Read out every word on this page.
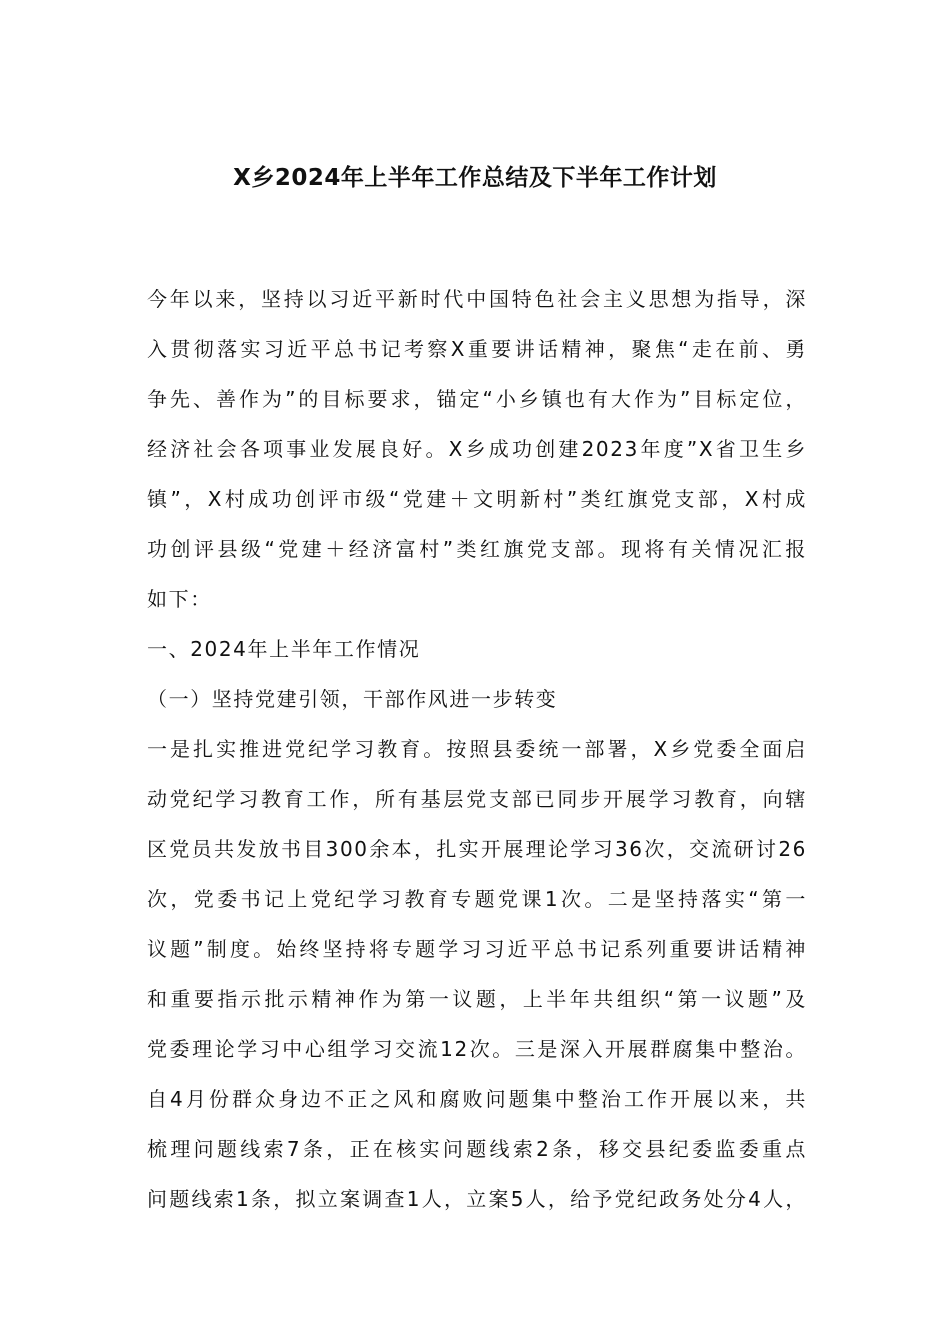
X乡2024年上半年工作总结及下半年工作计划
今年以来，坚持以习近平新时代中国特色社会主义思想为指导，深
入贯彻落实习近平总书记考察X重要讲话精神，聚焦“走在前、勇
争先、善作为”的目标要求，锚定“小乡镇也有大作为”目标定位，
经济社会各项事业发展良好。X乡成功创建2023年度”X省卫生乡
镇”，X村成功创评市级“党建＋文明新村”类红旗党支部，X村成
功创评县级“党建＋经济富村”类红旗党支部。现将有关情况汇报
如下：
一、2024年上半年工作情况
（一）坚持党建引领，干部作风进一步转变
一是扎实推进党纪学习教育。按照县委统一部署，X乡党委全面启
动党纪学习教育工作，所有基层党支部已同步开展学习教育，向辖
区党员共发放书目300余本，扎实开展理论学习36次，交流研讨26
次，党委书记上党纪学习教育专题党课1次。二是坚持落实“第一
议题”制度。始终坚持将专题学习习近平总书记系列重要讲话精神
和重要指示批示精神作为第一议题，上半年共组织“第一议题”及
党委理论学习中心组学习交流12次。三是深入开展群腐集中整治。
自4月份群众身边不正之风和腐败问题集中整治工作开展以来，共
梳理问题线索7条，正在核实问题线索2条，移交县纪委监委重点
问题线索1条，拟立案调查1人，立案5人，给予党纪政务处分4人，
